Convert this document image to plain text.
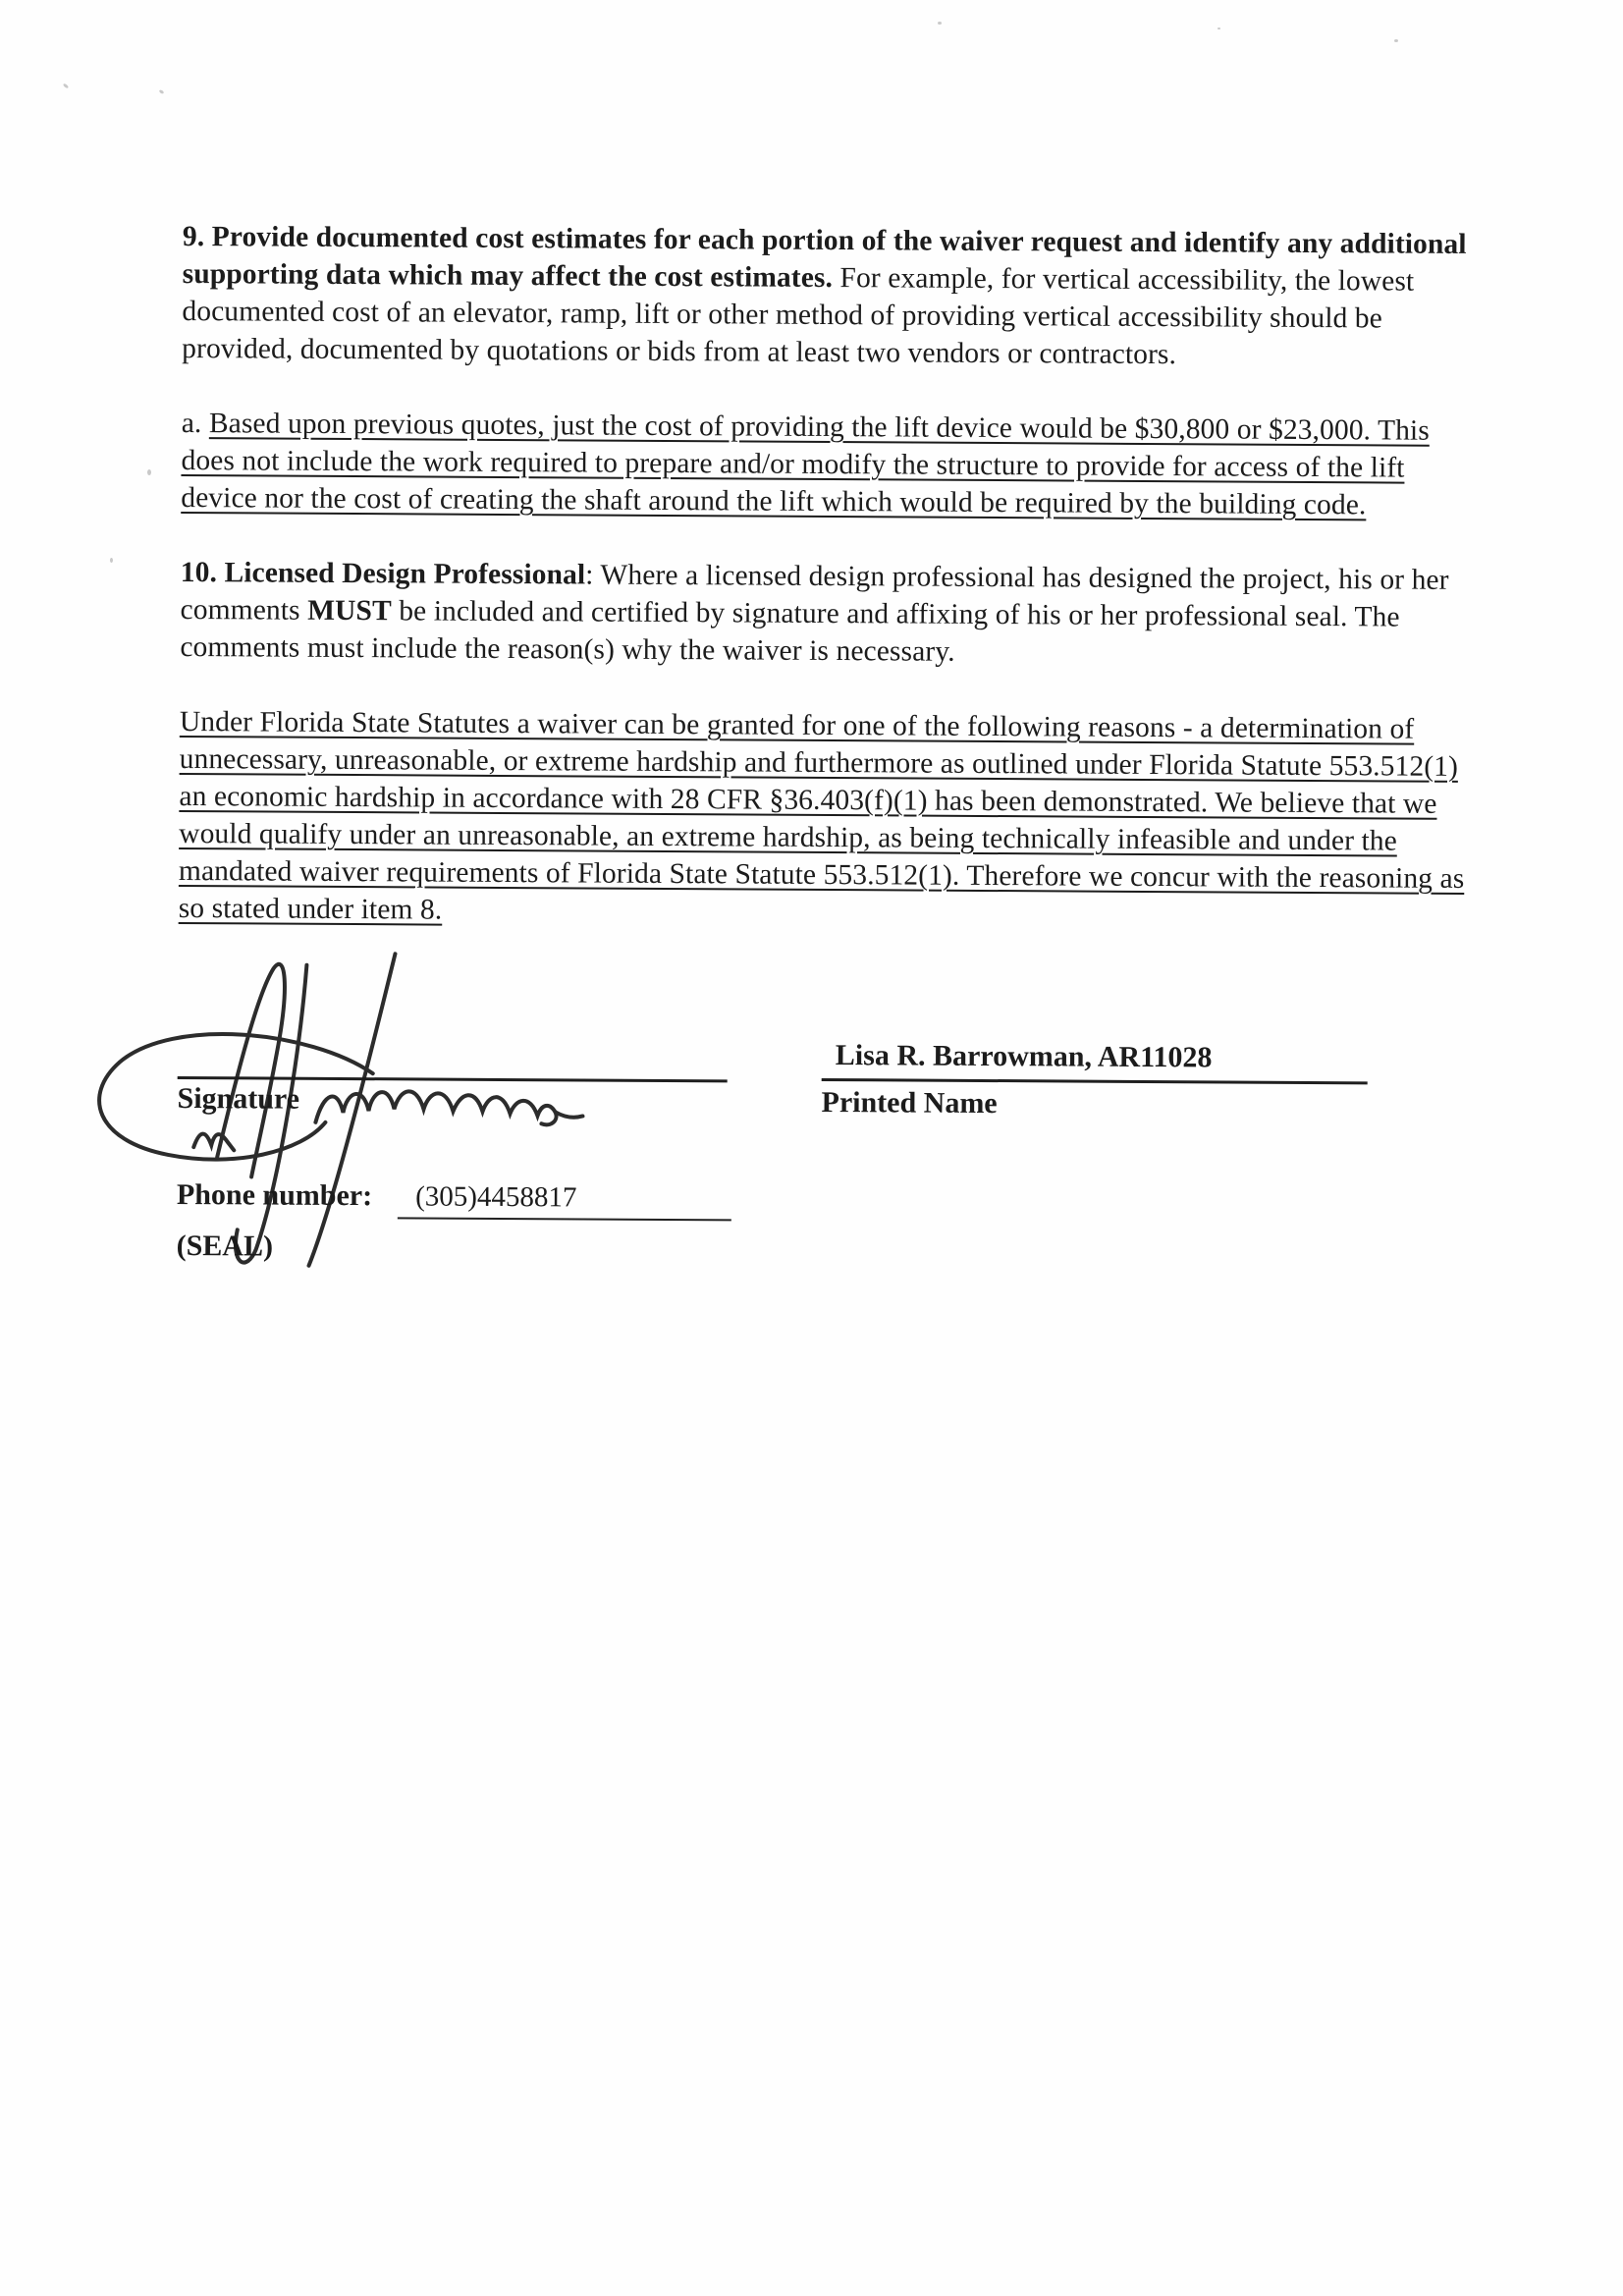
9. Provide documented cost estimates for each portion of the waiver request and identify any additional supporting data which may affect the cost estimates. For example, for vertical accessibility, the lowest documented cost of an elevator, ramp, lift or other method of providing vertical accessibility should be provided, documented by quotations or bids from at least two vendors or contractors.

a. Based upon previous quotes, just the cost of providing the lift device would be $30,800 or $23,000. This does not include the work required to prepare and/or modify the structure to provide for access of the lift device nor the cost of creating the shaft around the lift which would be required by the building code.

10. Licensed Design Professional: Where a licensed design professional has designed the project, his or her comments MUST be included and certified by signature and affixing of his or her professional seal. The comments must include the reason(s) why the waiver is necessary.

Under Florida State Statutes a waiver can be granted for one of the following reasons - a determination of unnecessary, unreasonable, or extreme hardship and furthermore as outlined under Florida Statute 553.512(1) an economic hardship in accordance with 28 CFR §36.403(f)(1) has been demonstrated. We believe that we would qualify under an unreasonable, an extreme hardship, as being technically infeasible and under the mandated waiver requirements of Florida State Statute 553.512(1). Therefore we concur with the reasoning as so stated under item 8.

Signature
Lisa R. Barrowman, AR11028
Printed Name
Phone number: (305)4458817
(SEAL)
